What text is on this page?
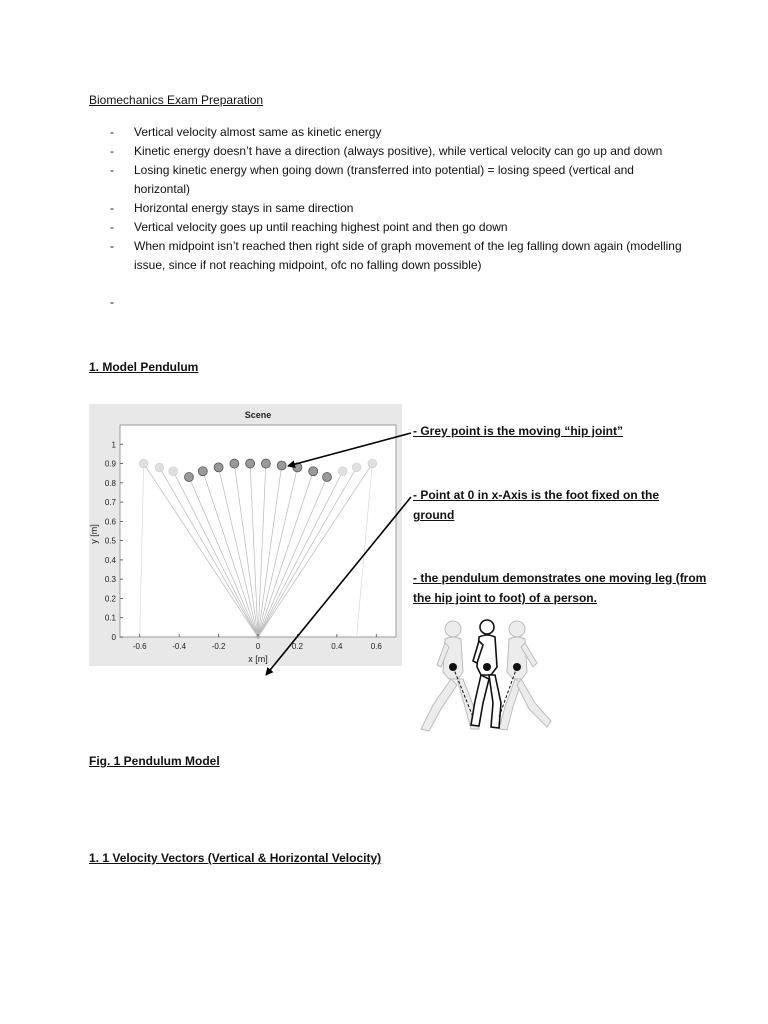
Biomechanics Exam Preparation
- Vertical velocity almost same as kinetic energy
- Kinetic energy doesn’t have a direction (always positive), while vertical velocity can go up and down
- Losing kinetic energy when going down (transferred into potential) = losing speed (vertical and horizontal)
- Horizontal energy stays in same direction
- Vertical velocity goes up until reaching highest point and then go down
- When midpoint isn’t reached then right side of graph movement of the leg falling down again (modelling issue, since if not reaching midpoint, ofc no falling down possible)
-
1. Model Pendulum
Scene
x [m]
y [m]
-0.6	-0.4	-0.2	0	0.2	0.4	0.6
0
0.1
0.2
0.3
0.4
0.5
0.6
0.7
0.8
0.9
1
- Grey point is the moving “hip joint”
- Point at 0 in x-Axis is the foot fixed on the ground
- the pendulum demonstrates one moving leg (from the hip joint to foot) of a person.
Fig. 1 Pendulum Model
1. 1 Velocity Vectors (Vertical & Horizontal Velocity)
